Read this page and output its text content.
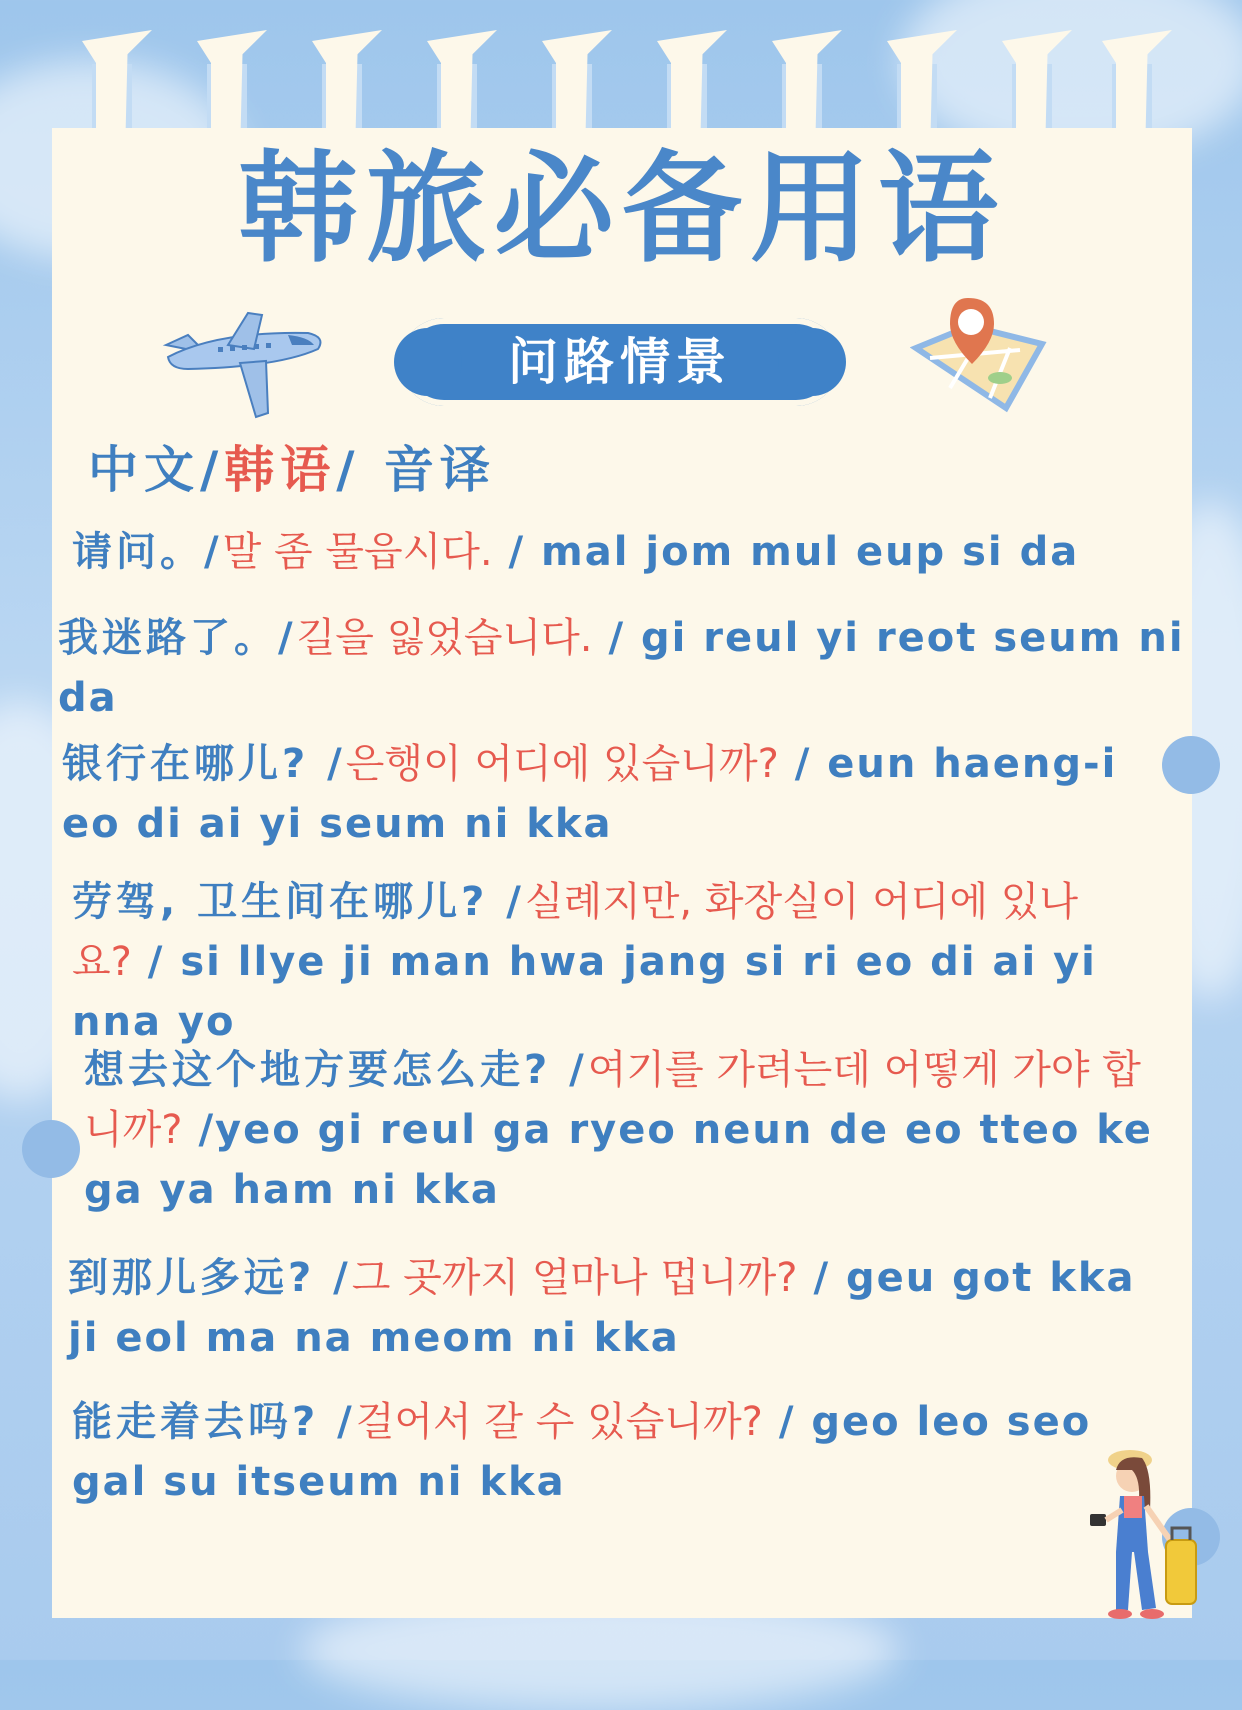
韩旅必备用语
问路情景
中文/韩语/ 音译
请问。/말 좀 물읍시다. / mal jom mul eup si da
我迷路了。/길을 잃었습니다. / gi reul yi reot seum ni da
银行在哪儿? /은행이 어디에 있습니까? / eun haeng-i eo di ai yi seum ni kka
劳驾, 卫生间在哪儿? /실례지만, 화장실이 어디에 있나요? / si llye ji man hwa jang si ri eo di ai yi nna yo
想去这个地方要怎么走? /여기를 가려는데 어떻게 가야 합니까? /yeo gi reul ga ryeo neun de eo tteo ke ga ya ham ni kka
到那儿多远? /그 곳까지 얼마나 멉니까? / geu got kka ji eol ma na meom ni kka
能走着去吗? /걸어서 갈 수 있습니까? / geo leo seo gal su itseum ni kka
